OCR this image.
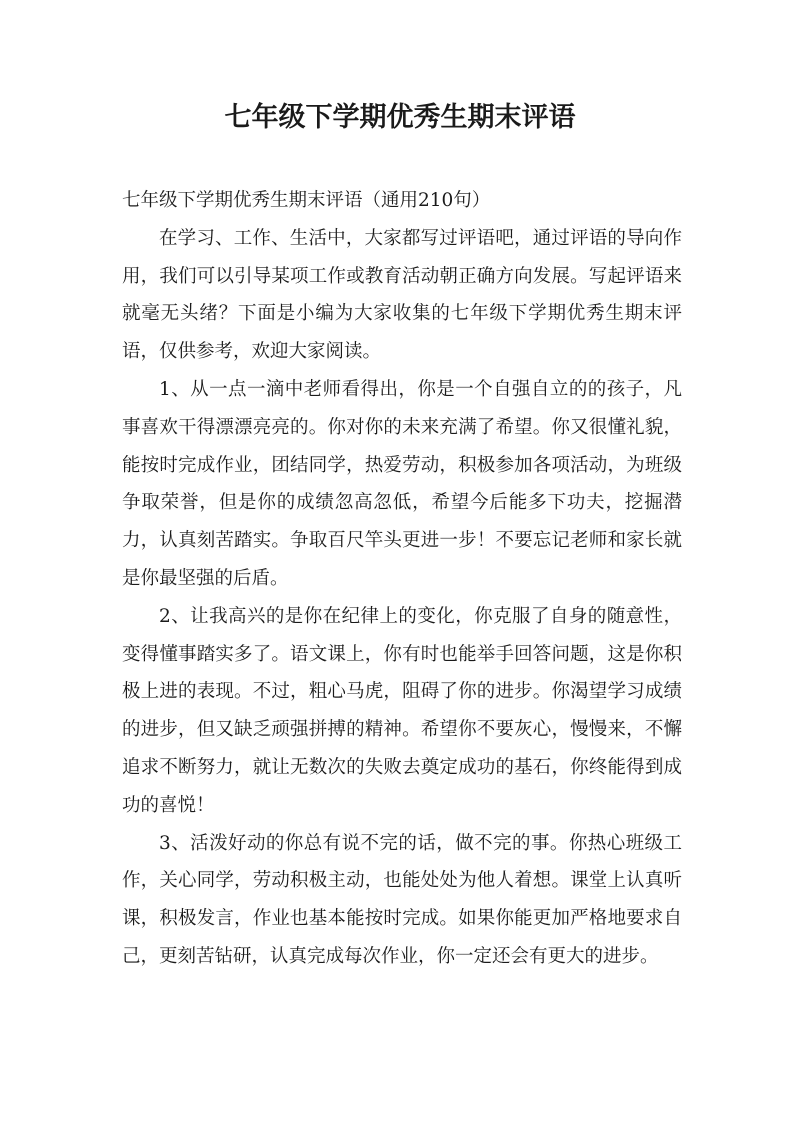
七年级下学期优秀生期末评语

七年级下学期优秀生期末评语（通用210句）

在学习、工作、生活中，大家都写过评语吧，通过评语的导向作用，我们可以引导某项工作或教育活动朝正确方向发展。写起评语来就毫无头绪？下面是小编为大家收集的七年级下学期优秀生期末评语，仅供参考，欢迎大家阅读。

1、从一点一滴中老师看得出，你是一个自强自立的的孩子，凡事喜欢干得漂漂亮亮的。你对你的未来充满了希望。你又很懂礼貌，能按时完成作业，团结同学，热爱劳动，积极参加各项活动，为班级争取荣誉，但是你的成绩忽高忽低，希望今后能多下功夫，挖掘潜力，认真刻苦踏实。争取百尺竿头更进一步！不要忘记老师和家长就是你最坚强的后盾。

2、让我高兴的是你在纪律上的变化，你克服了自身的随意性，变得懂事踏实多了。语文课上，你有时也能举手回答问题，这是你积极上进的表现。不过，粗心马虎，阻碍了你的进步。你渴望学习成绩的进步，但又缺乏顽强拼搏的精神。希望你不要灰心，慢慢来，不懈追求不断努力，就让无数次的失败去奠定成功的基石，你终能得到成功的喜悦！

3、活泼好动的你总有说不完的话，做不完的事。你热心班级工作，关心同学，劳动积极主动，也能处处为他人着想。课堂上认真听课，积极发言，作业也基本能按时完成。如果你能更加严格地要求自己，更刻苦钻研，认真完成每次作业，你一定还会有更大的进步。
